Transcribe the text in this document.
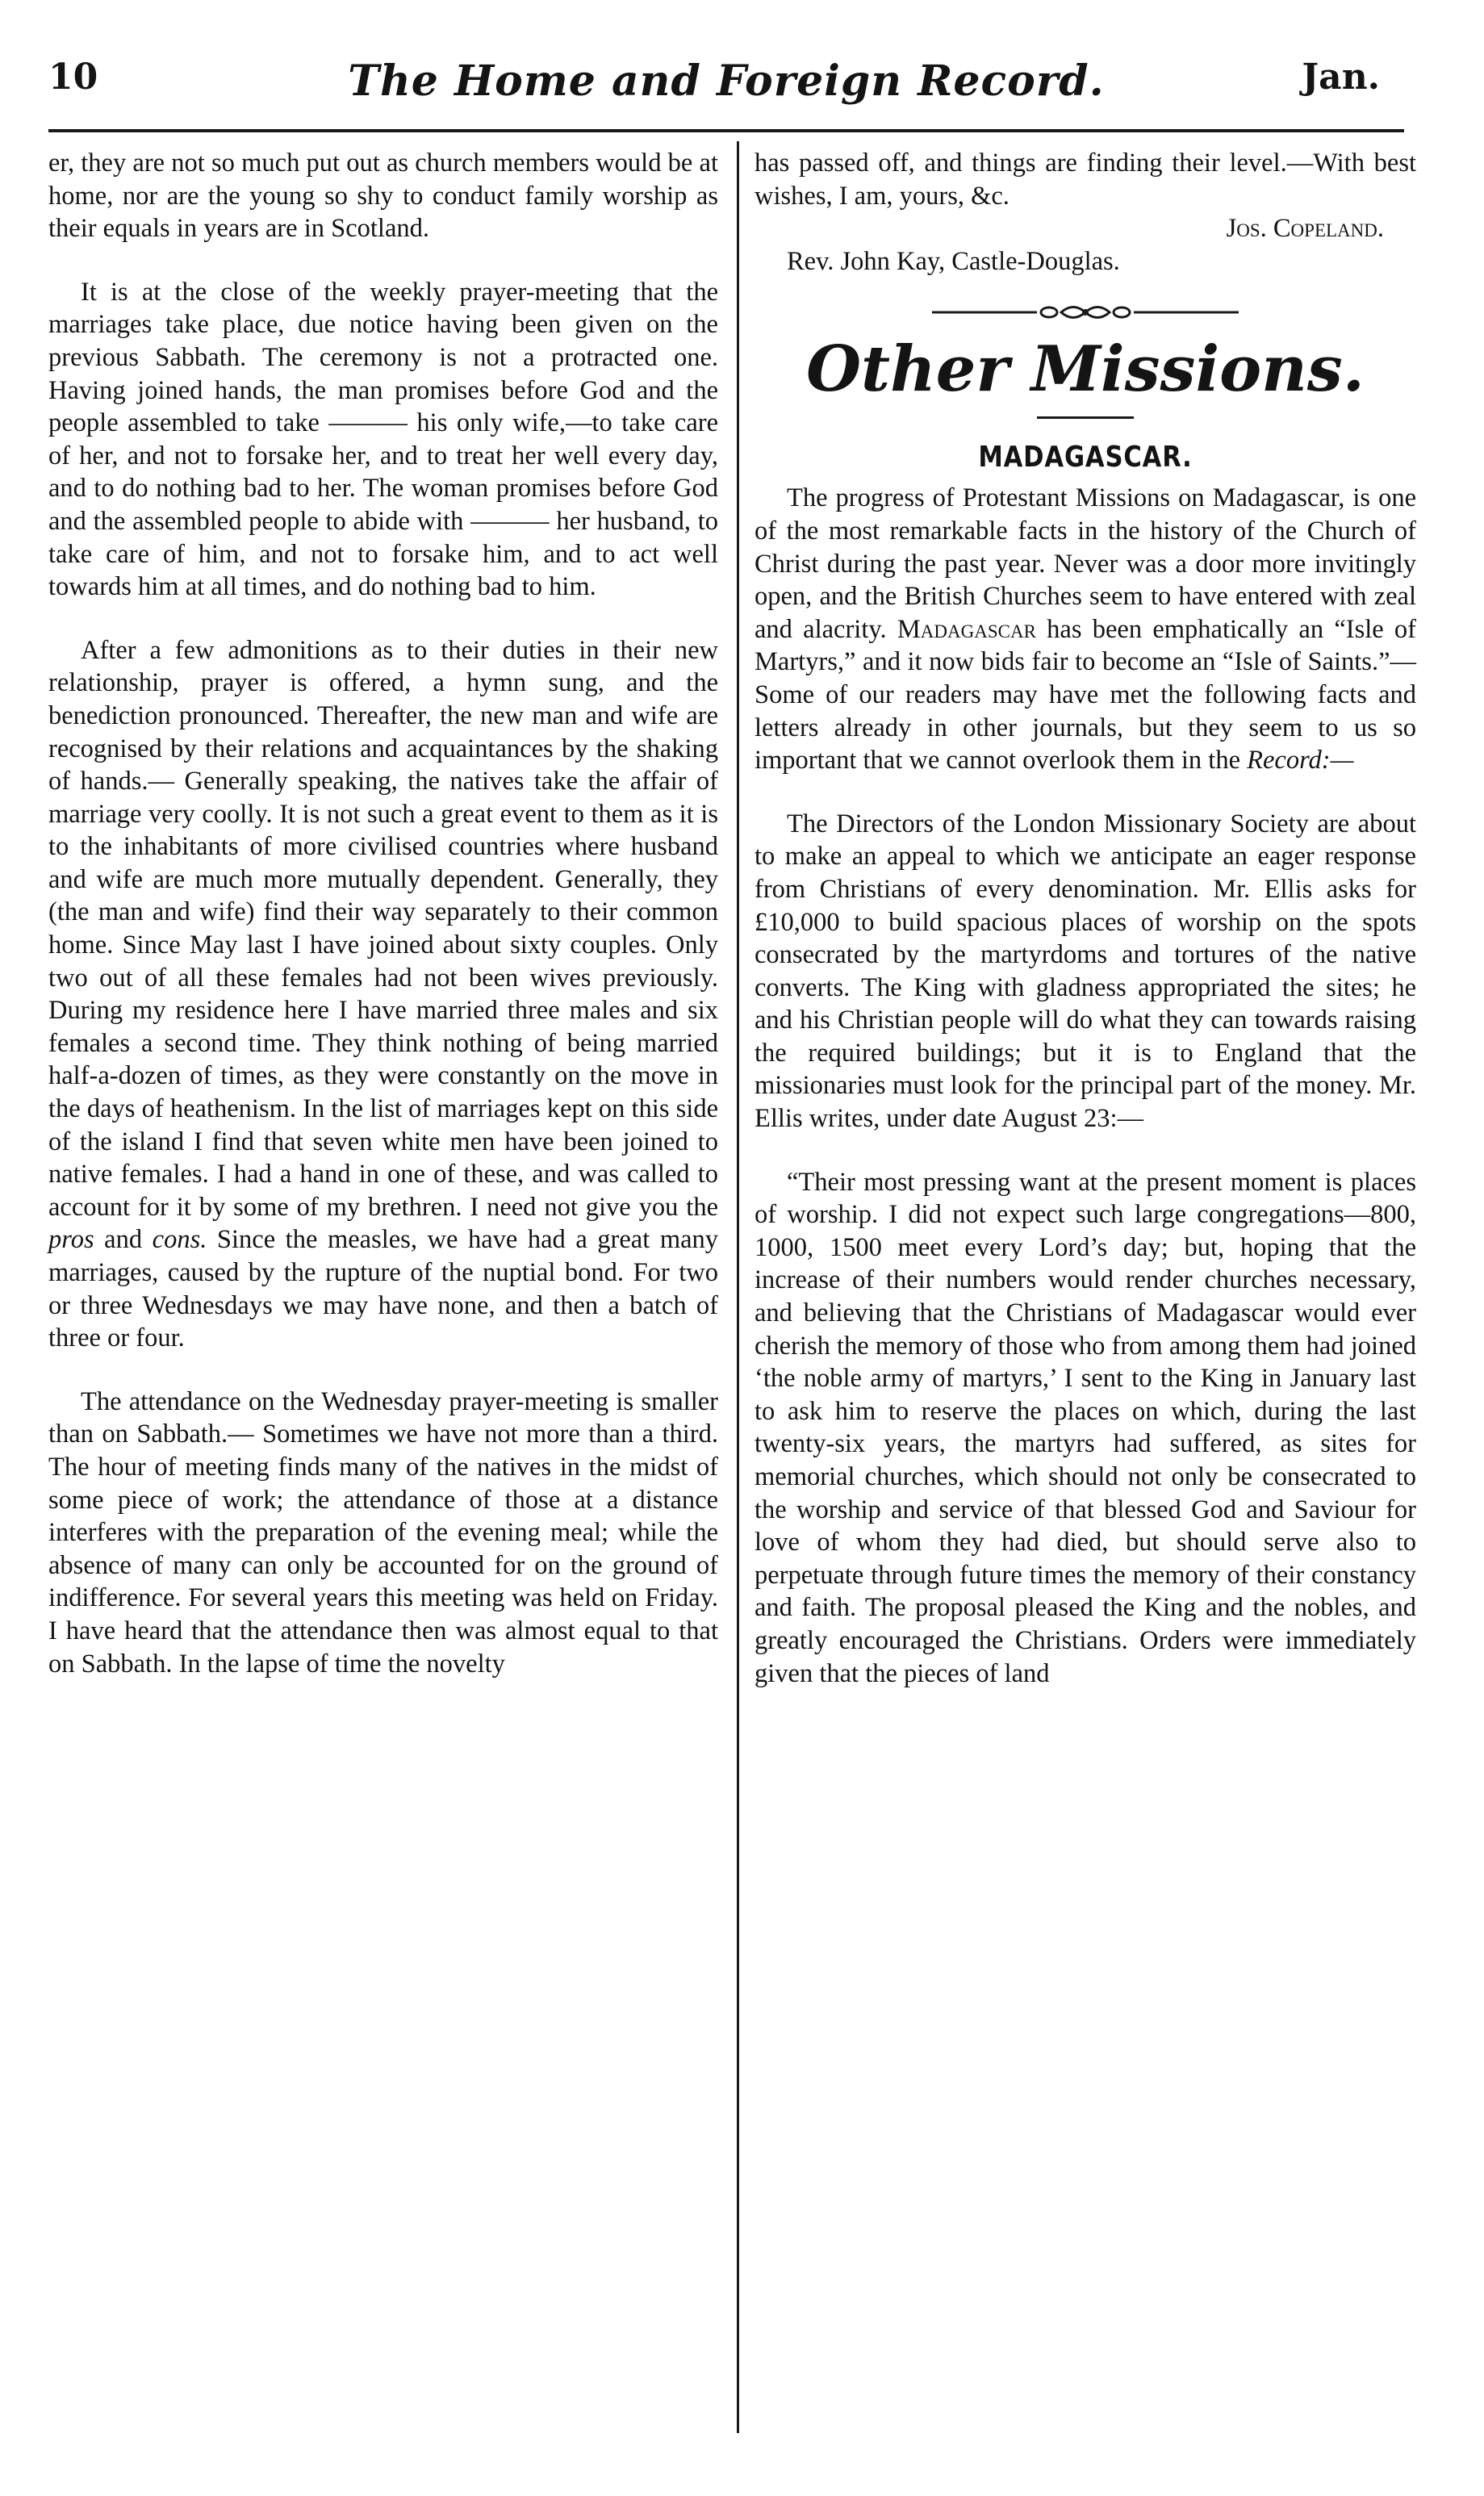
10	The Home and Foreign Record.	Jan.

er, they are not so much put out as church members would be at home, nor are the young so shy to conduct family worship as their equals in years are in Scotland.

It is at the close of the weekly prayer-meeting that the marriages take place, due notice having been given on the previous Sabbath. The ceremony is not a protracted one. Having joined hands, the man promises before God and the people assembled to take ——— his only wife,—to take care of her, and not to forsake her, and to treat her well every day, and to do nothing bad to her. The woman promises before God and the assembled people to abide with ——— her husband, to take care of him, and not to forsake him, and to act well towards him at all times, and do nothing bad to him.

After a few admonitions as to their duties in their new relationship, prayer is offered, a hymn sung, and the benediction pronounced. Thereafter, the new man and wife are recognised by their relations and acquaintances by the shaking of hands.— Generally speaking, the natives take the affair of marriage very coolly. It is not such a great event to them as it is to the inhabitants of more civilised countries where husband and wife are much more mutually dependent. Generally, they (the man and wife) find their way separately to their common home. Since May last I have joined about sixty couples. Only two out of all these females had not been wives previously. During my residence here I have married three males and six females a second time. They think nothing of being married half-a-dozen of times, as they were constantly on the move in the days of heathenism. In the list of marriages kept on this side of the island I find that seven white men have been joined to native females. I had a hand in one of these, and was called to account for it by some of my brethren. I need not give you the pros and cons. Since the measles, we have had a great many marriages, caused by the rupture of the nuptial bond. For two or three Wednesdays we may have none, and then a batch of three or four.

The attendance on the Wednesday prayer-meeting is smaller than on Sabbath.— Sometimes we have not more than a third. The hour of meeting finds many of the natives in the midst of some piece of work; the attendance of those at a distance interferes with the preparation of the evening meal; while the absence of many can only be accounted for on the ground of indifference. For several years this meeting was held on Friday. I have heard that the attendance then was almost equal to that on Sabbath. In the lapse of time the novelty

has passed off, and things are finding their level.—With best wishes, I am, yours, &c.

Jos. Copeland.

Rev. John Kay, Castle-Douglas.

Other Missions.
MADAGASCAR.

The progress of Protestant Missions on Madagascar, is one of the most remarkable facts in the history of the Church of Christ during the past year. Never was a door more invitingly open, and the British Churches seem to have entered with zeal and alacrity. Madagascar has been emphatically an “Isle of Martyrs,” and it now bids fair to become an “Isle of Saints.”— Some of our readers may have met the following facts and letters already in other journals, but they seem to us so important that we cannot overlook them in the Record:—

The Directors of the London Missionary Society are about to make an appeal to which we anticipate an eager response from Christians of every denomination. Mr. Ellis asks for £10,000 to build spacious places of worship on the spots consecrated by the martyrdoms and tortures of the native converts. The King with gladness appropriated the sites; he and his Christian people will do what they can towards raising the required buildings; but it is to England that the missionaries must look for the principal part of the money. Mr. Ellis writes, under date August 23:—

“Their most pressing want at the present moment is places of worship. I did not expect such large congregations—800, 1000, 1500 meet every Lord’s day; but, hoping that the increase of their numbers would render churches necessary, and believing that the Christians of Madagascar would ever cherish the memory of those who from among them had joined ‘the noble army of martyrs,’ I sent to the King in January last to ask him to reserve the places on which, during the last twenty-six years, the martyrs had suffered, as sites for memorial churches, which should not only be consecrated to the worship and service of that blessed God and Saviour for love of whom they had died, but should serve also to perpetuate through future times the memory of their constancy and faith. The proposal pleased the King and the nobles, and greatly encouraged the Christians. Orders were immediately given that the pieces of land
